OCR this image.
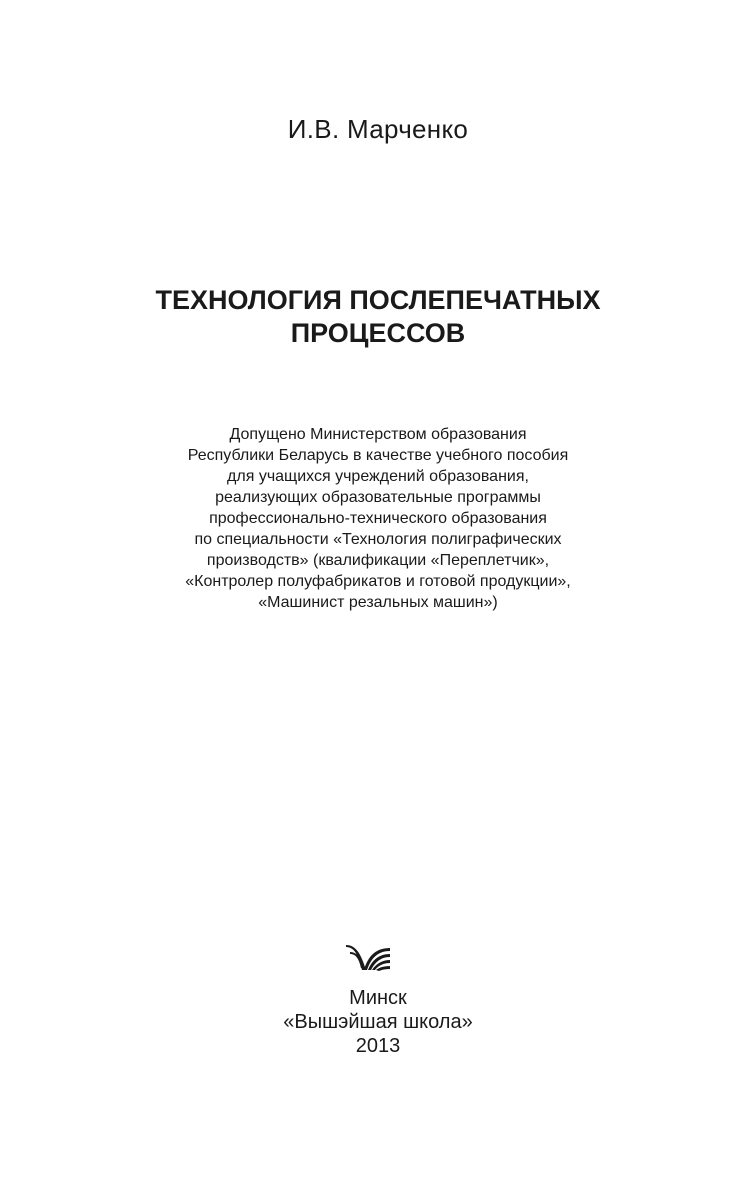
И.В. Марченко
ТЕХНОЛОГИЯ ПОСЛЕПЕЧАТНЫХ
ПРОЦЕССОВ
Допущено Министерством образования
Республики Беларусь в качестве учебного пособия
для учащихся учреждений образования,
реализующих образовательные программы
профессионально-технического образования
по специальности «Технология полиграфических
производств» (квалификации «Переплетчик»,
«Контролер полуфабрикатов и готовой продукции»,
«Машинист резальных машин»)
Минск
«Вышэйшая школа»
2013
